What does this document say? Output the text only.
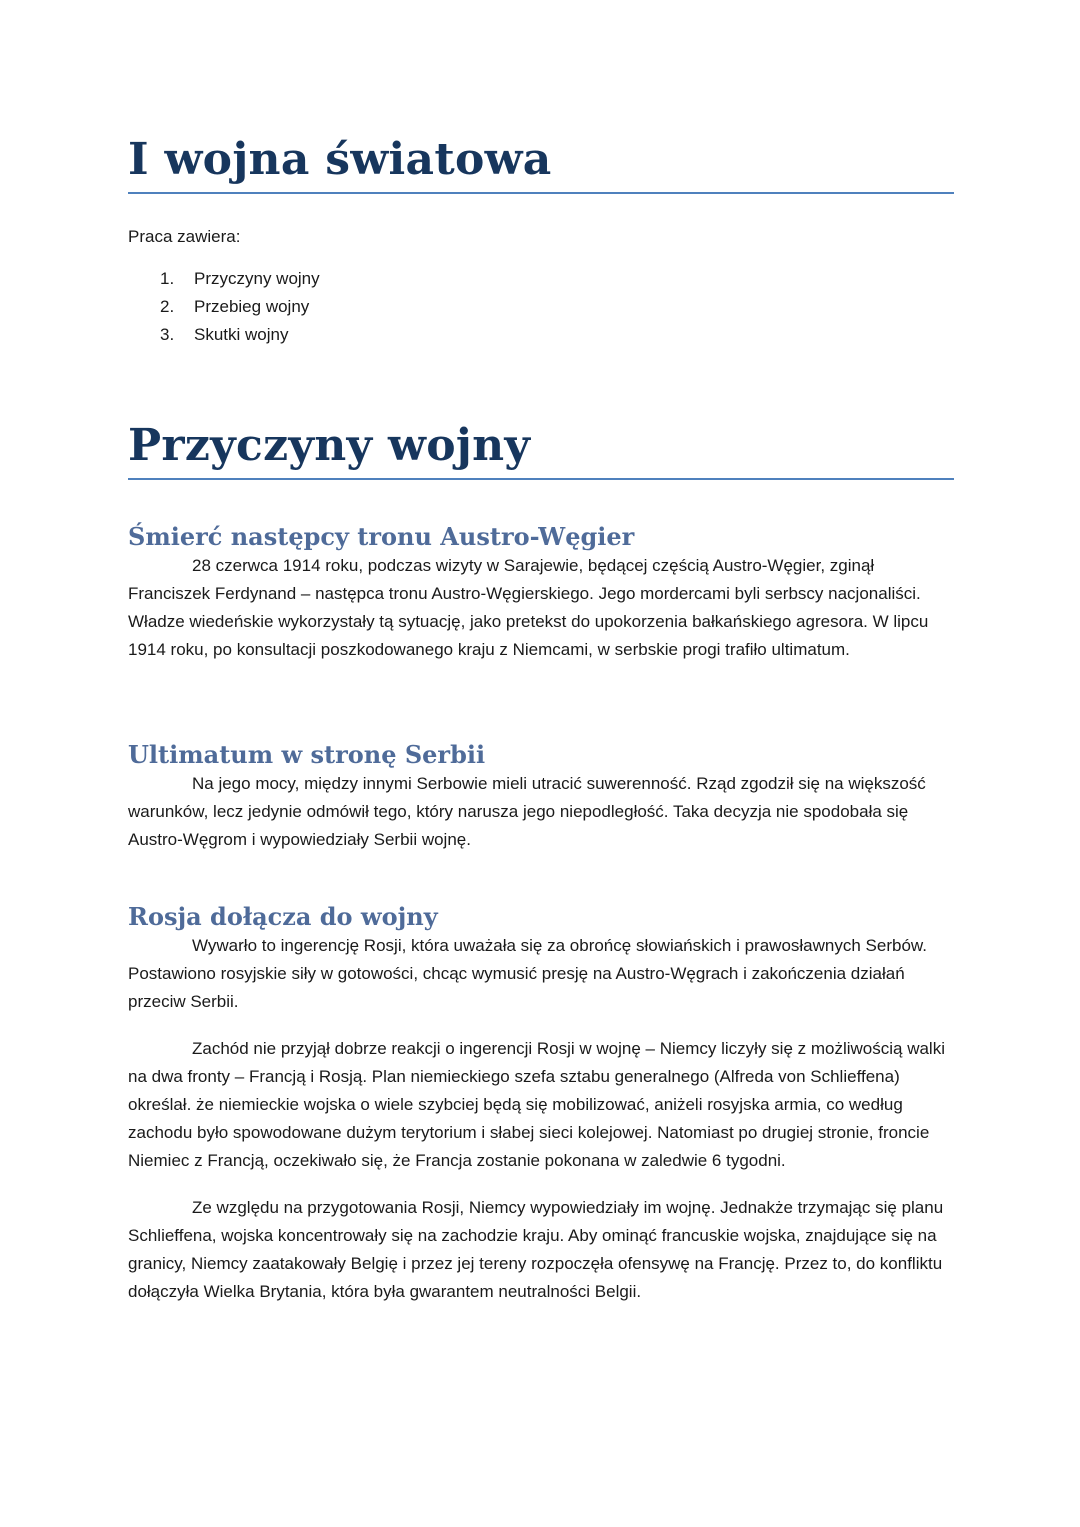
I wojna światowa
Praca zawiera:
1.	Przyczyny wojny
2.	Przebieg wojny
3.	Skutki wojny
Przyczyny wojny
Śmierć następcy tronu Austro-Węgier

28 czerwca 1914 roku, podczas wizyty w Sarajewie, będącej częścią Austro-Węgier, zginął Franciszek Ferdynand – następca tronu Austro-Węgierskiego. Jego mordercami byli serbscy nacjonaliści. Władze wiedeńskie wykorzystały tą sytuację, jako pretekst do upokorzenia bałkańskiego agresora. W lipcu 1914 roku, po konsultacji poszkodowanego kraju z Niemcami, w serbskie progi trafiło ultimatum.

Ultimatum w stronę Serbii

Na jego mocy, między innymi Serbowie mieli utracić suwerenność. Rząd zgodził się na większość warunków, lecz jedynie odmówił tego, który narusza jego niepodległość. Taka decyzja nie spodobała się Austro-Węgrom i wypowiedziały Serbii wojnę.

Rosja dołącza do wojny

Wywarło to ingerencję Rosji, która uważała się za obrońcę słowiańskich i prawosławnych Serbów. Postawiono rosyjskie siły w gotowości, chcąc wymusić presję na Austro-Węgrach i zakończenia działań przeciw Serbii.

Zachód nie przyjął dobrze reakcji o ingerencji Rosji w wojnę – Niemcy liczyły się z możliwością walki na dwa fronty – Francją i Rosją. Plan niemieckiego szefa sztabu generalnego (Alfreda von Schlieffena) określał. że niemieckie wojska o wiele szybciej będą się mobilizować, aniżeli rosyjska armia, co według zachodu było spowodowane dużym terytorium i słabej sieci kolejowej. Natomiast po drugiej stronie, froncie Niemiec z Francją, oczekiwało się, że Francja zostanie pokonana w zaledwie 6 tygodni.

Ze względu na przygotowania Rosji, Niemcy wypowiedziały im wojnę. Jednakże trzymając się planu Schlieffena, wojska koncentrowały się na zachodzie kraju. Aby ominąć francuskie wojska, znajdujące się na granicy, Niemcy zaatakowały Belgię i przez jej tereny rozpoczęła ofensywę na Francję. Przez to, do konfliktu dołączyła Wielka Brytania, która była gwarantem neutralności Belgii.
